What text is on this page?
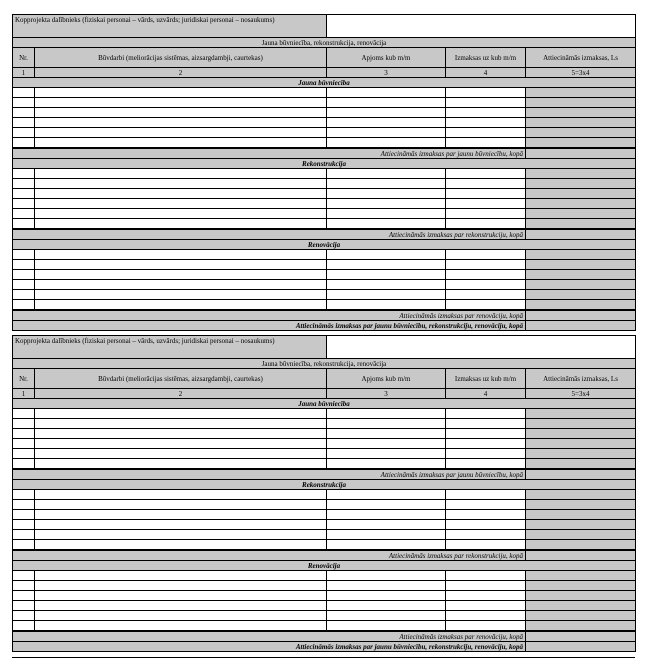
Kopprojekta dalībnieks (fiziskai personai – vārds, uzvārds; juridiskai personai – nosaukums)				
Jauna būvniecība, rekonstrukcija, renovācija				
Nr.	Būvdarbi (meliorācijas sistēmas, aizsargdambji, caurtekas)	Apjoms kub m/m	Izmaksas uz kub m/m	Attiecināmās izmaksas, Ls
1	2	3	4	5=3x4
Jauna būvniecība				

Attiecināmās izmaksas par jaunu būvniecību, kopā				
Rekonstrukcija				

Attiecināmās izmaksas par rekonstrukciju, kopā				
Renovācija				

Attiecināmās izmaksas par renovāciju, kopā				
Attiecināmās izmaksas par jaunu būvniecību, rekonstrukciju, renovāciju, kopā				
Kopprojekta dalībnieks (fiziskai personai – vārds, uzvārds; juridiskai personai – nosaukums)				
Jauna būvniecība, rekonstrukcija, renovācija				
Nr.	Būvdarbi (meliorācijas sistēmas, aizsargdambji, caurtekas)	Apjoms kub m/m	Izmaksas uz kub m/m	Attiecināmās izmaksas, Ls
1	2	3	4	5=3x4
Jauna būvniecība				

Attiecināmās izmaksas par jaunu būvniecību, kopā				
Rekonstrukcija				

Attiecināmās izmaksas par rekonstrukciju, kopā				
Renovācija				

Attiecināmās izmaksas par renovāciju, kopā				
Attiecināmās izmaksas par jaunu būvniecību, rekonstrukciju, renovāciju, kopā				
